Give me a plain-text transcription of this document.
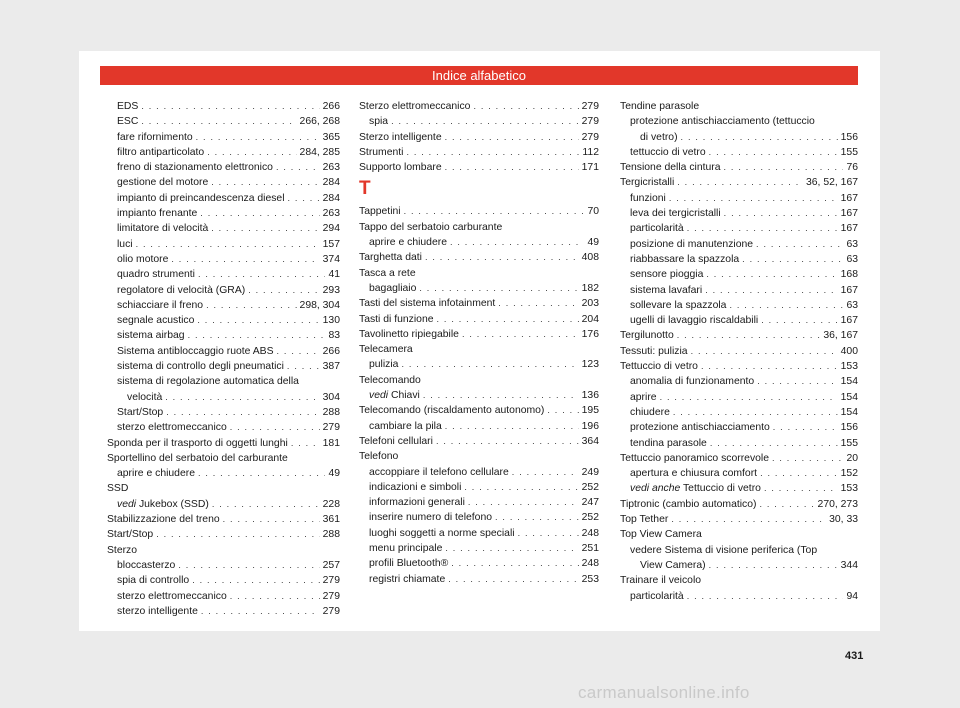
Indice alfabetico
EDS . . .	266
ESC . . .	266, 268
fare rifornimento . . .	365
filtro antiparticolato . . .	284, 285
freno di stazionamento elettronico . . .	263
gestione del motore . . .	284
impianto di preincandescenza diesel . . .	284
impianto frenante . . .	263
limitatore di velocità . . .	294
luci . . .	157
olio motore . . .	374
quadro strumenti . . .	41
regolatore di velocità (GRA) . . .	293
schiacciare il freno . . .	298, 304
segnale acustico . . .	130
sistema airbag . . .	83
Sistema antibloccaggio ruote ABS . . .	266
sistema di controllo degli pneumatici . . .	387
sistema di regolazione automatica della
velocità . . .	304
Start/Stop . . .	288
sterzo elettromeccanico . . .	279
Sponda per il trasporto di oggetti lunghi . . .	181
Sportellino del serbatoio del carburante
aprire e chiudere . . .	49
SSD
vedi Jukebox (SSD) . . .	228
Stabilizzazione del treno . . .	361
Start/Stop . . .	288
Sterzo
bloccasterzo . . .	257
spia di controllo . . .	279
sterzo elettromeccanico . . .	279
sterzo intelligente . . .	279
Sterzo elettromeccanico . . .	279
spia . . .	279
Sterzo intelligente . . .	279
Strumenti . . .	112
Supporto lombare . . .	171
T
Tappetini . . .	70
Tappo del serbatoio carburante
aprire e chiudere . . .	49
Targhetta dati . . .	408
Tasca a rete
bagagliaio . . .	182
Tasti del sistema infotainment . . .	203
Tasti di funzione . . .	204
Tavolinetto ripiegabile . . .	176
Telecamera
pulizia . . .	123
Telecomando
vedi Chiavi . . .	136
Telecomando (riscaldamento autonomo) . . .	195
cambiare la pila . . .	196
Telefoni cellulari . . .	364
Telefono
accoppiare il telefono cellulare . . .	249
indicazioni e simboli . . .	252
informazioni generali . . .	247
inserire numero di telefono . . .	252
luoghi soggetti a norme speciali . . .	248
menu principale . . .	251
profili Bluetooth® . . .	248
registri chiamate . . .	253
Tendine parasole
protezione antischiacciamento (tettuccio
di vetro) . . .	156
tettuccio di vetro . . .	155
Tensione della cintura . . .	76
Tergicristalli . . .	36, 52, 167
funzioni . . .	167
leva dei tergicristalli . . .	167
particolarità . . .	167
posizione di manutenzione . . .	63
riabbassare la spazzola . . .	63
sensore pioggia . . .	168
sistema lavafari . . .	167
sollevare la spazzola . . .	63
ugelli di lavaggio riscaldabili . . .	167
Tergilunotto . . .	36, 167
Tessuti: pulizia . . .	400
Tettuccio di vetro . . .	153
anomalia di funzionamento . . .	154
aprire . . .	154
chiudere . . .	154
protezione antischiacciamento . . .	156
tendina parasole . . .	155
Tettuccio panoramico scorrevole . . .	20
apertura e chiusura comfort . . .	152
vedi anche Tettuccio di vetro . . .	153
Tiptronic (cambio automatico) . . .	270, 273
Top Tether . . .	30, 33
Top View Camera
vedere Sistema di visione periferica (Top
View Camera) . . .	344
Trainare il veicolo
particolarità . . .	94
431
carmanualsonline.info
